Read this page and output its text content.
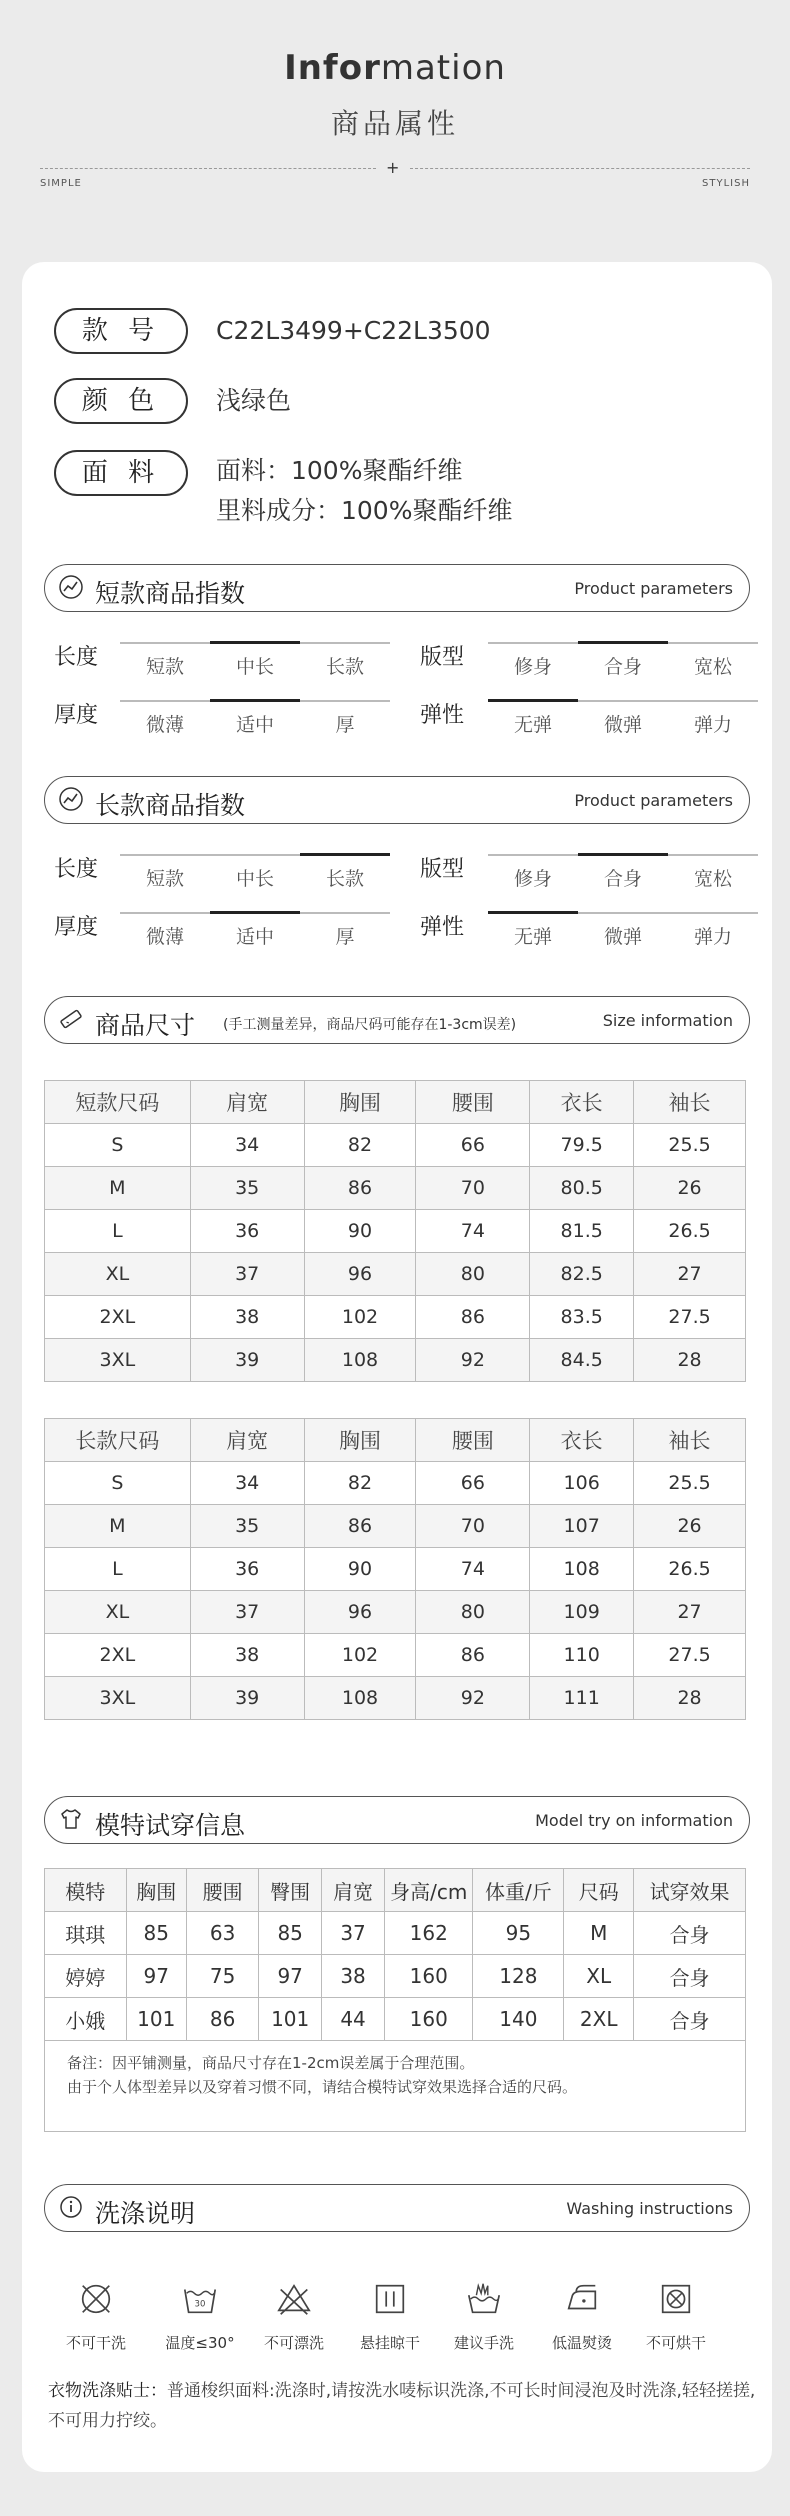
Information
商品属性
+
SIMPLE	STYLISH
款 号	C22L3499+C22L3500
颜 色	浅绿色
面 料	面料：100%聚酯纤维
里料成分：100%聚酯纤维
短款商品指数	Product parameters
长度	短款	中长	长款	版型	修身	合身	宽松
厚度	微薄	适中	厚	弹性	无弹	微弹	弹力
长款商品指数	Product parameters
长度	短款	中长	长款	版型	修身	合身	宽松
厚度	微薄	适中	厚	弹性	无弹	微弹	弹力
商品尺寸 (手工测量差异，商品尺码可能存在1-3cm误差)	Size information
短款尺码	肩宽	胸围	腰围	衣长	袖长
S	34	82	66	79.5	25.5
M	35	86	70	80.5	26
L	36	90	74	81.5	26.5
XL	37	96	80	82.5	27
2XL	38	102	86	83.5	27.5
3XL	39	108	92	84.5	28
长款尺码	肩宽	胸围	腰围	衣长	袖长
S	34	82	66	106	25.5
M	35	86	70	107	26
L	36	90	74	108	26.5
XL	37	96	80	109	27
2XL	38	102	86	110	27.5
3XL	39	108	92	111	28
模特试穿信息	Model try on information
模特	胸围	腰围	臀围	肩宽	身高/cm	体重/斤	尺码	试穿效果
琪琪	85	63	85	37	162	95	M	合身
婷婷	97	75	97	38	160	128	XL	合身
小娥	101	86	101	44	160	140	2XL	合身
备注：因平铺测量，商品尺寸存在1-2cm误差属于合理范围。
由于个人体型差异以及穿着习惯不同，请结合模特试穿效果选择合适的尺码。
洗涤说明	Washing instructions
不可干洗
30
温度≤30°	不可漂洗	悬挂晾干	建议手洗	低温熨烫	不可烘干
衣物洗涤贴士：普通梭织面料:洗涤时,请按洗水唛标识洗涤,不可长时间浸泡及时洗涤,轻轻搓搓,不可用力拧绞。
